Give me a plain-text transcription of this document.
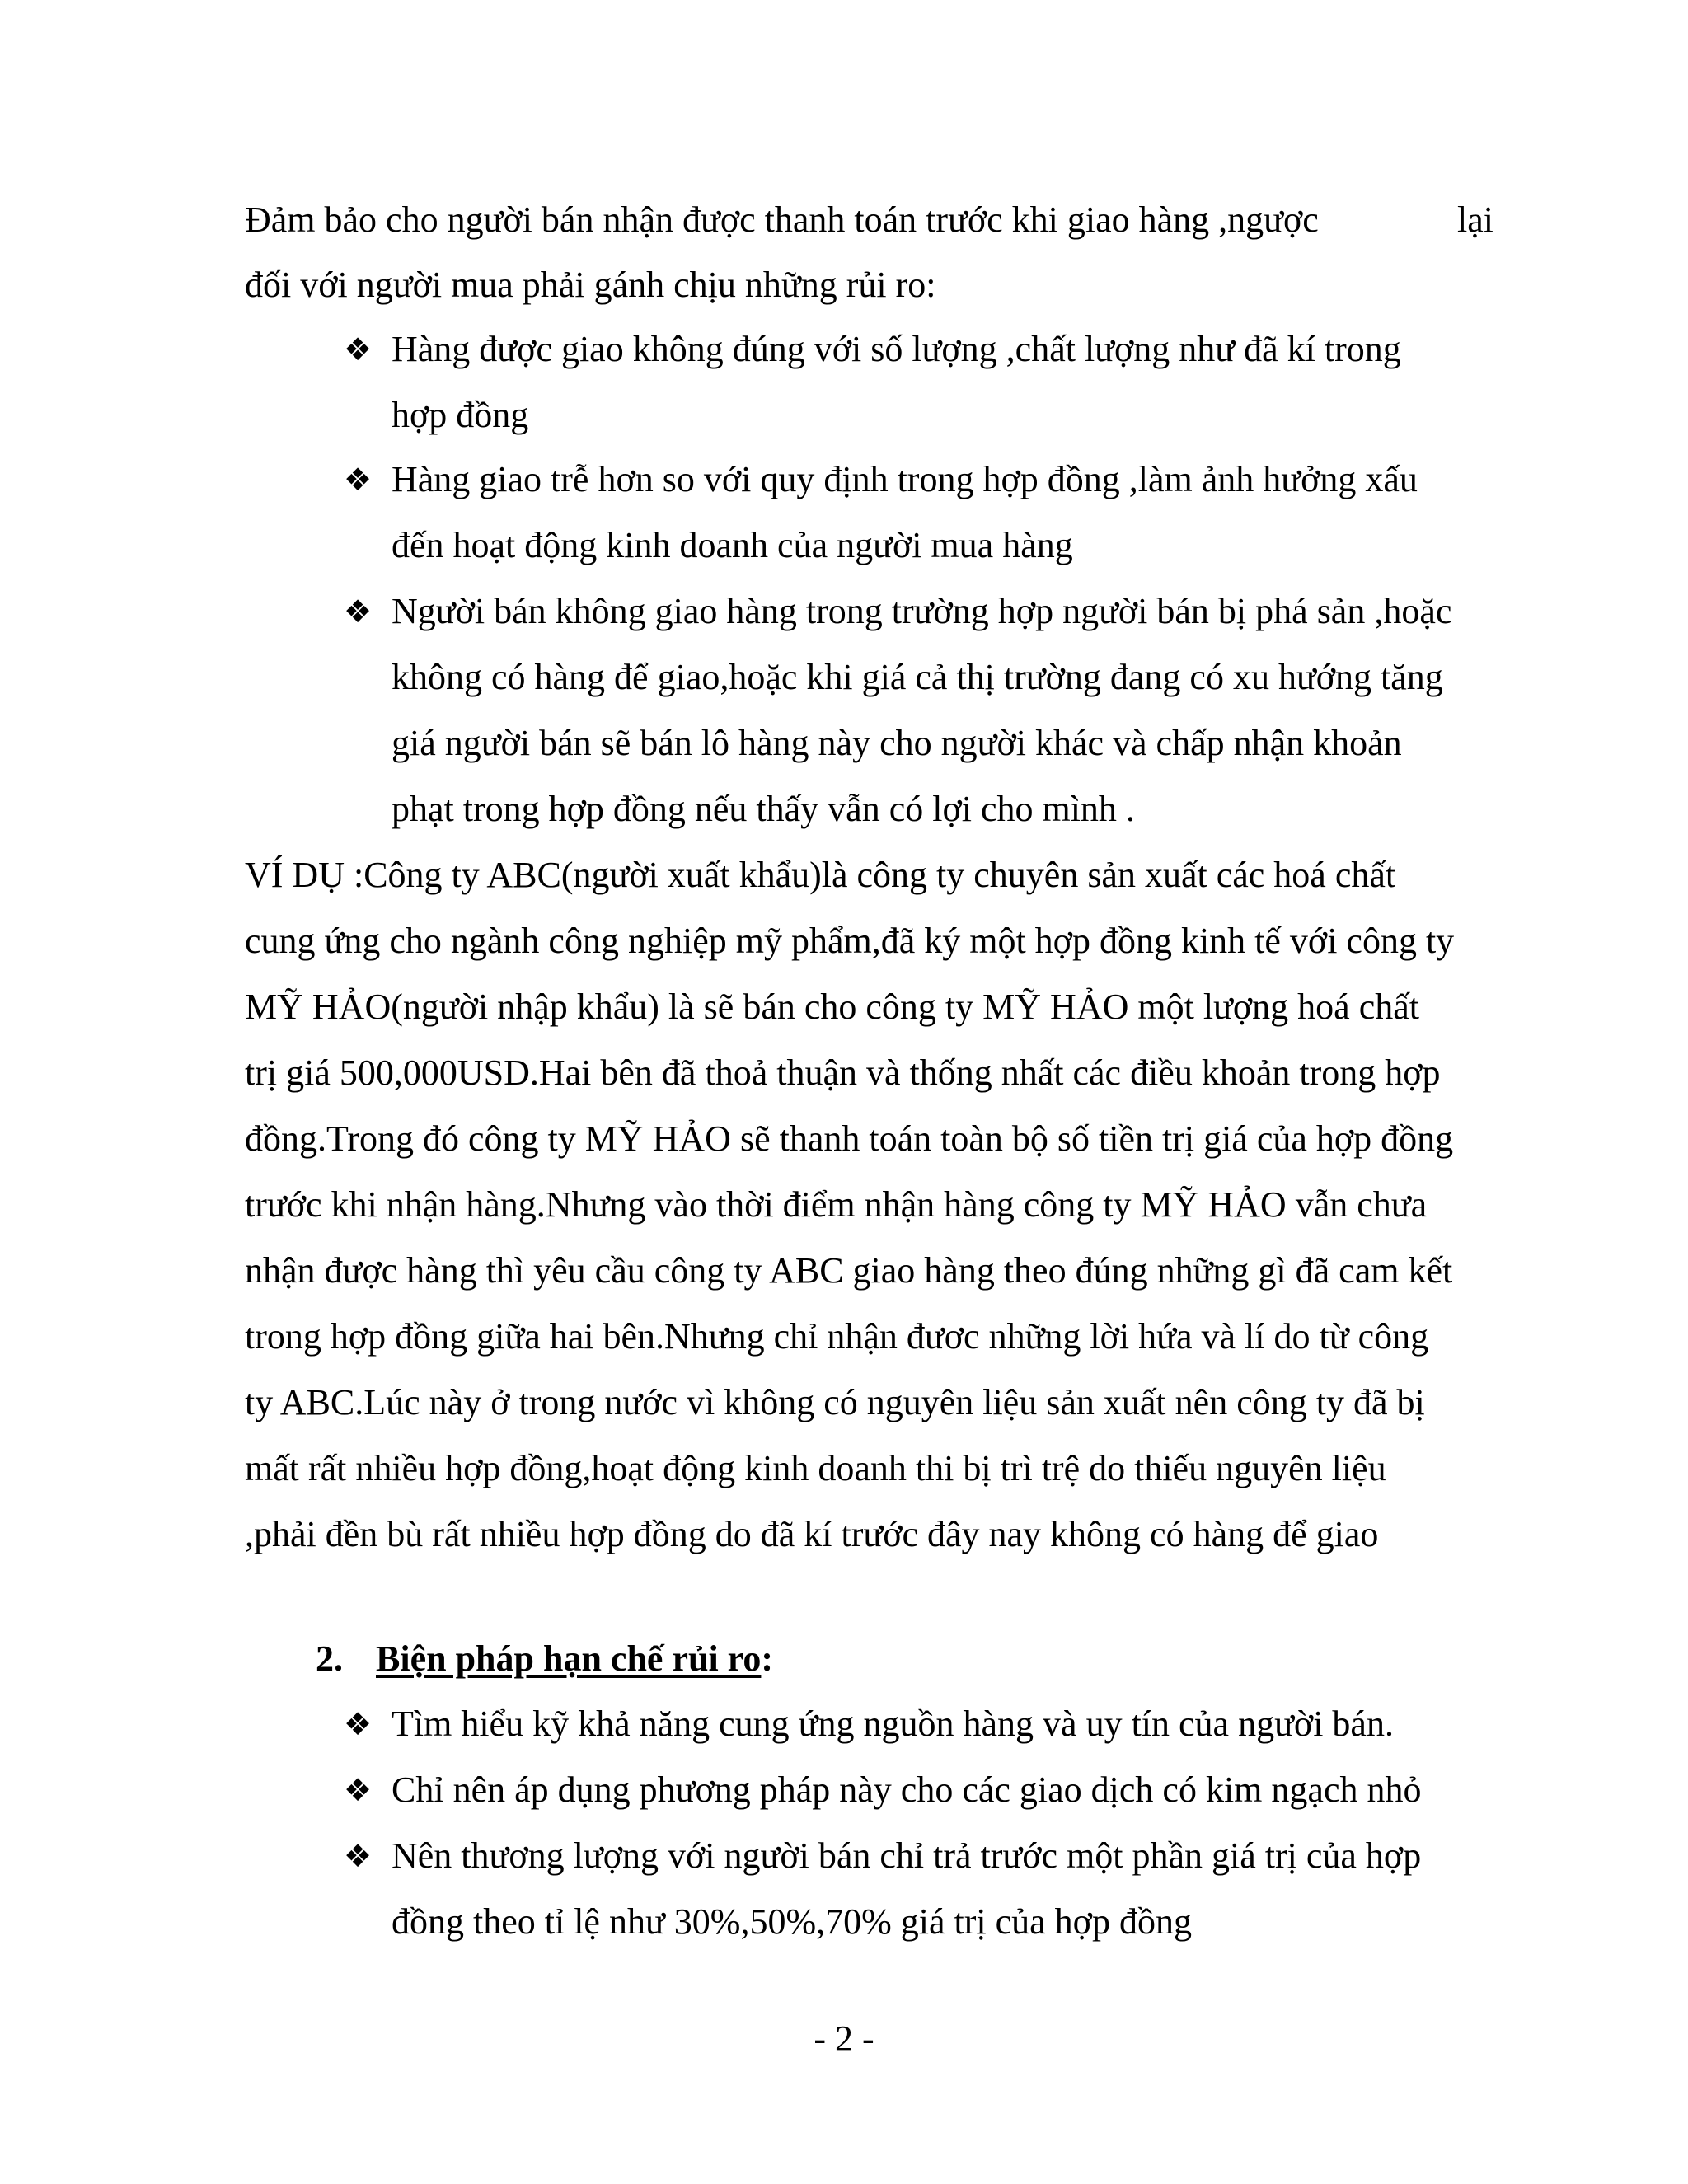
Đảm bảo cho người bán nhận được thanh toán trước khi giao hàng ,ngược	lại
đối với người mua phải gánh chịu những rủi ro:
❖ Hàng được giao không đúng với số lượng ,chất lượng như đã kí trong
hợp đồng
❖ Hàng giao trễ hơn so với quy định trong hợp đồng ,làm ảnh hưởng xấu
đến hoạt động kinh doanh của người mua hàng
❖ Người bán không giao hàng trong trường hợp người bán bị phá sản ,hoặc
không có hàng để giao,hoặc khi giá cả thị trường đang có xu hướng tăng
giá người bán sẽ bán lô hàng này cho người khác và chấp nhận khoản
phạt trong hợp đồng nếu thấy vẫn có lợi cho mình .
VÍ DỤ :Công ty ABC(người xuất khẩu)là công ty chuyên sản xuất các hoá chất
cung ứng cho ngành công nghiệp mỹ phẩm,đã ký một hợp đồng kinh tế với công ty
MỸ HẢO(người nhập khẩu) là sẽ bán cho công ty MỸ HẢO một lượng hoá chất
trị giá 500,000USD.Hai bên đã thoả thuận và thống nhất các điều khoản trong hợp
đồng.Trong đó công ty MỸ HẢO sẽ thanh toán toàn bộ số tiền trị giá của hợp đồng
trước khi nhận hàng.Nhưng vào thời điểm nhận hàng công ty MỸ HẢO vẫn chưa
nhận được hàng thì yêu cầu công ty ABC giao hàng theo đúng những gì đã cam kết
trong hợp đồng giữa hai bên.Nhưng chỉ nhận đươc những lời hứa và lí do từ công
ty ABC.Lúc này ở trong nước vì không có nguyên liệu sản xuất nên công ty đã bị
mất rất nhiều hợp đồng,hoạt động kinh doanh thi bị trì trệ do thiếu nguyên liệu
,phải đền bù rất nhiều hợp đồng do đã kí trước đây nay không có hàng để giao
2. Biện pháp hạn chế rủi ro:
❖ Tìm hiểu kỹ khả năng cung ứng nguồn hàng và uy tín của người bán.
❖ Chỉ nên áp dụng phương pháp này cho các giao dịch có kim ngạch nhỏ
❖ Nên thương lượng với người bán chỉ trả trước một phần giá trị của hợp
đồng theo tỉ lệ như 30%,50%,70% giá trị của hợp đồng
- 2 -
